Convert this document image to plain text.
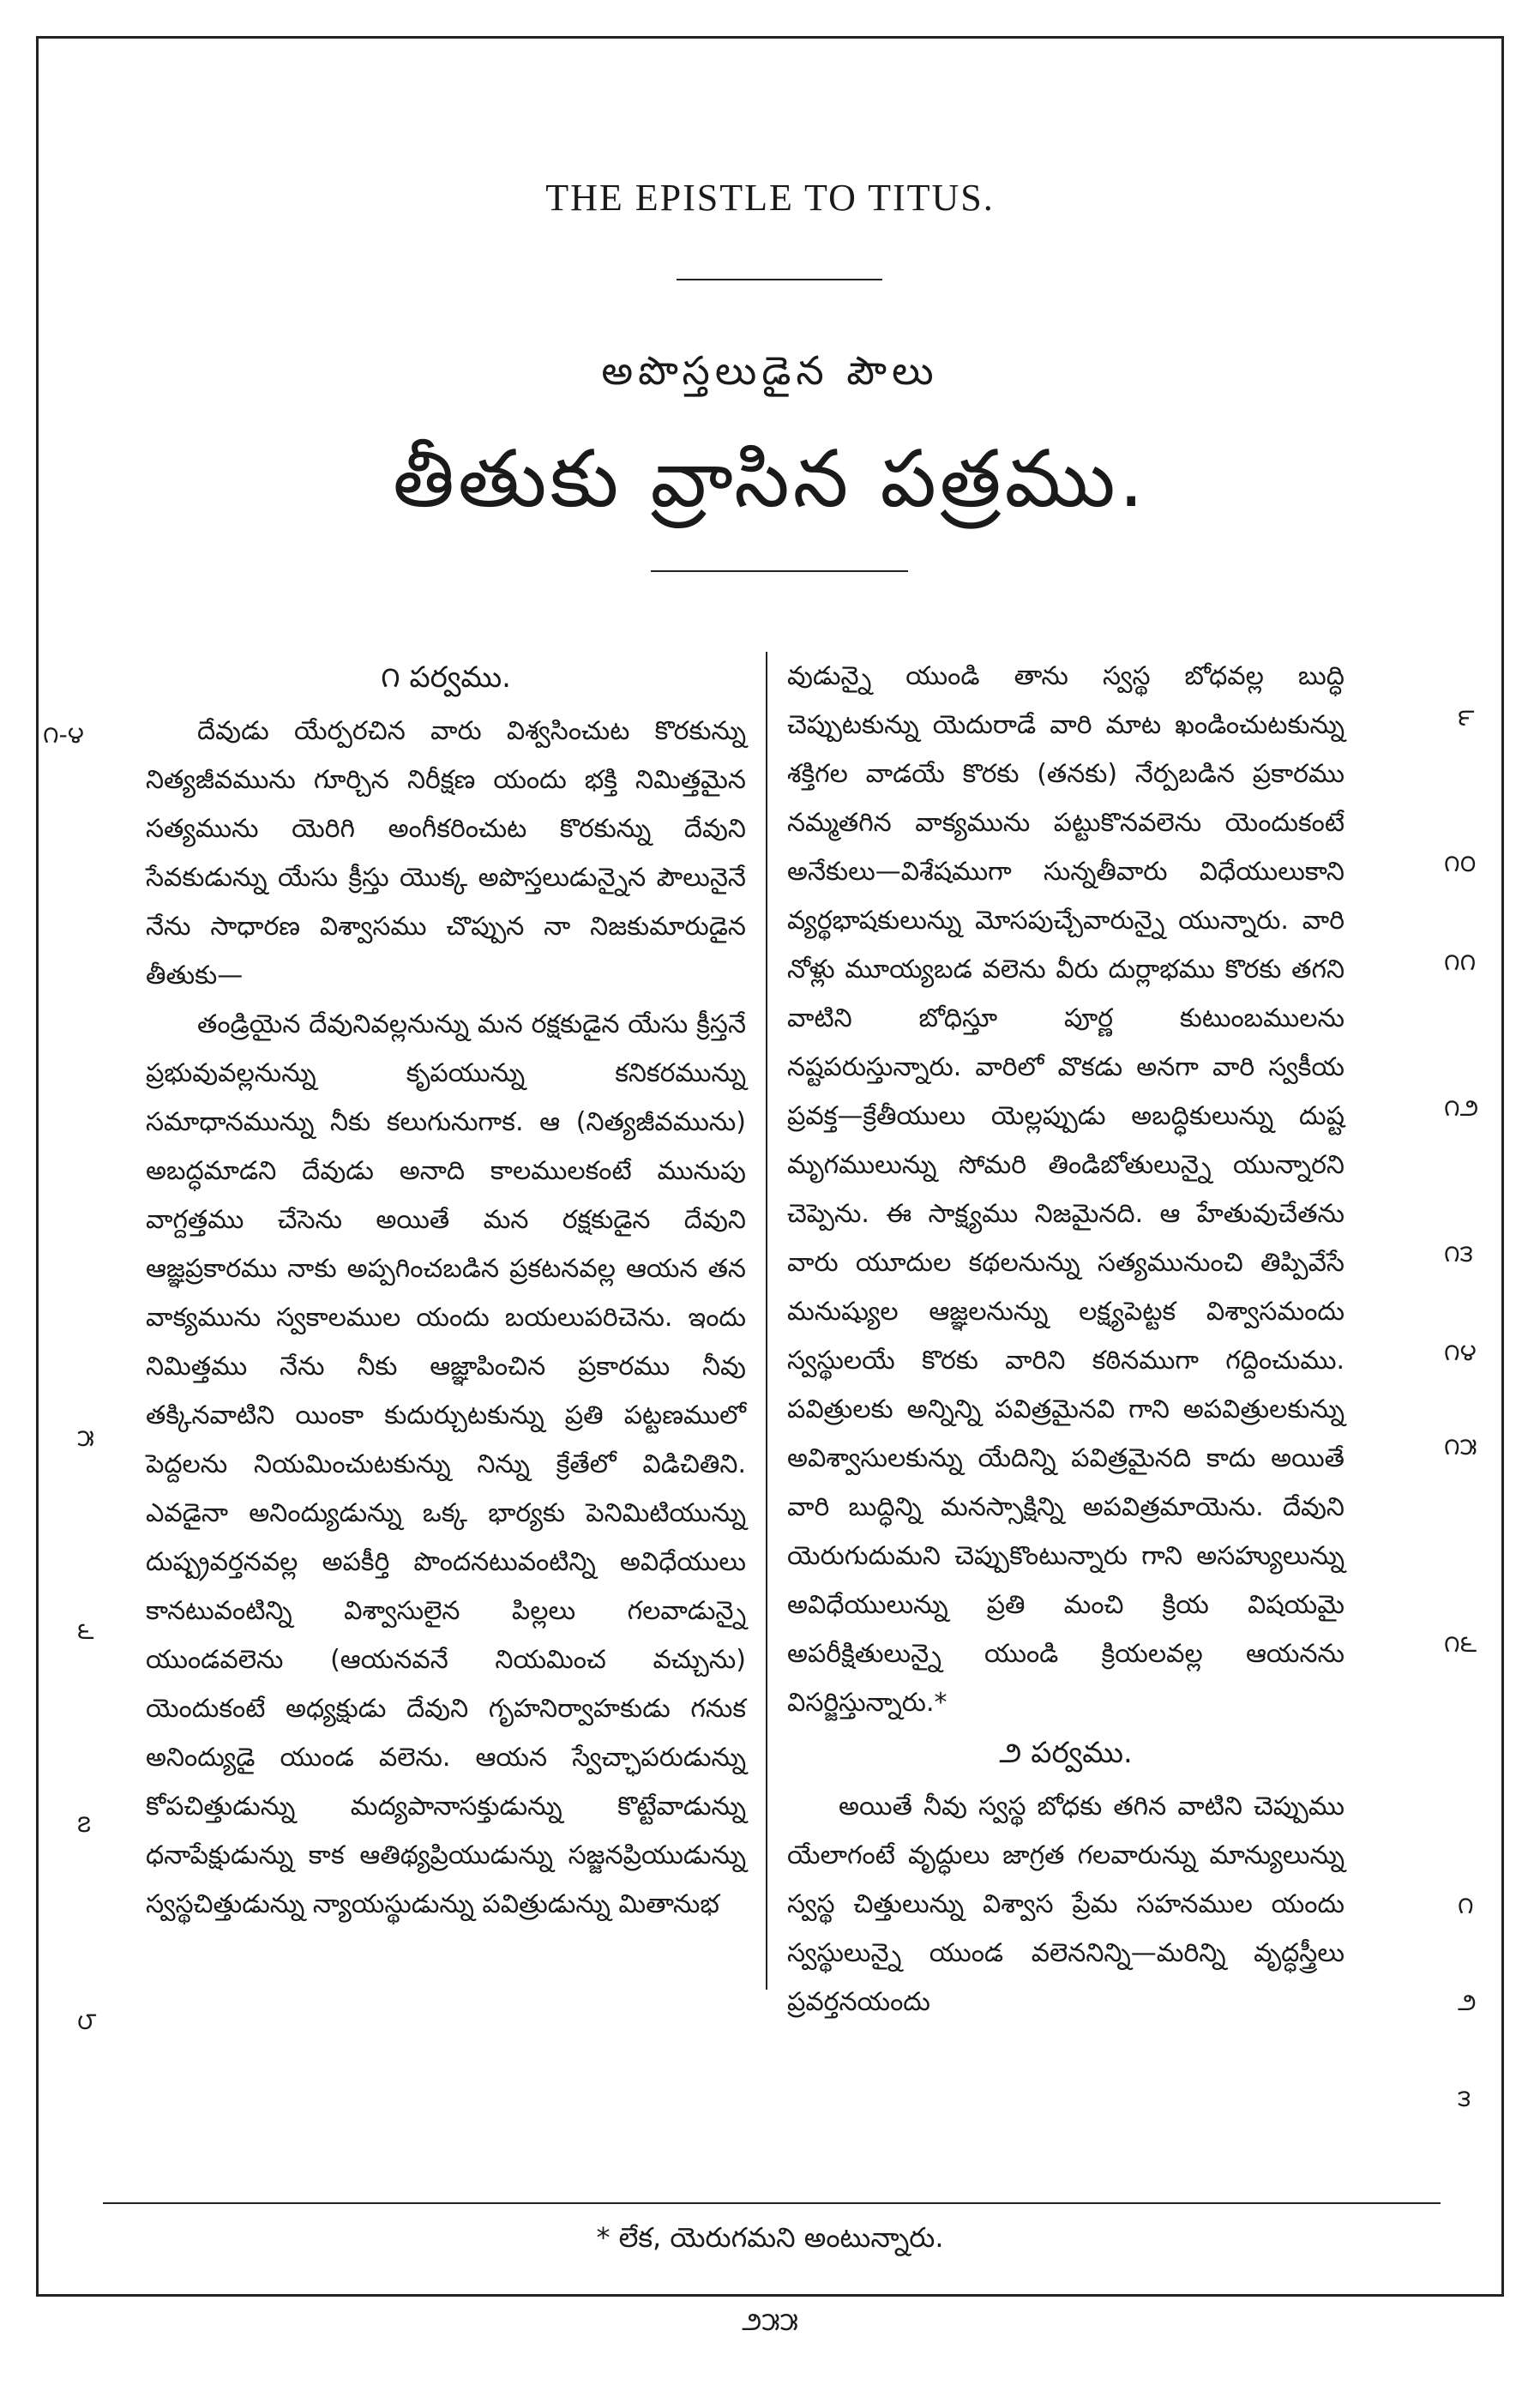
THE EPISTLE TO TITUS.
అపొస్తలుడైన పౌలు
తీతుకు వ్రాసిన పత్రము.
౧ పర్వము.

దేవుడు యేర్పరచిన వారు విశ్వసించుట కొరకున్ను నిత్యజీవమును గూర్చిన నిరీక్షణ యందు భక్తి నిమిత్తమైన సత్యమును యెరిగి అంగీకరించుట కొరకున్ను దేవుని సేవకుడున్ను యేసు క్రీస్తు యొక్క అపొస్తలుడున్నైన పౌలునైనే నేను సాధారణ విశ్వాసము చొప్పున నా నిజకుమారుడైన తీతుకు—

తండ్రియైన దేవునివల్లనున్ను మన రక్షకుడైన యేసు క్రీస్తనే ప్రభువువల్లనున్ను కృపయున్ను కనికరమున్ను సమాధానమున్ను నీకు కలుగునుగాక. ఆ (నిత్యజీవమును) అబద్ధమాడని దేవుడు అనాది కాలములకంటే మునుపు వాగ్దత్తము చేసెను అయితే మన రక్షకుడైన దేవుని ఆజ్ఞప్రకారము నాకు అప్పగించబడిన ప్రకటనవల్ల ఆయన తన వాక్యమును స్వకాలముల యందు బయలుపరిచెను. ఇందు నిమిత్తము నేను నీకు ఆజ్ఞాపించిన ప్రకారము నీవు తక్కినవాటిని యింకా కుదుర్చుటకున్ను ప్రతి పట్టణములో పెద్దలను నియమించుటకున్ను నిన్ను క్రేతేలో విడిచితిని. ఎవడైనా అనింద్యుడున్ను ఒక్క భార్యకు పెనిమిటియున్ను దుష్ప్రవర్తనవల్ల అపకీర్తి పొందనటువంటిన్ని అవిధేయులు కానటువంటిన్ని విశ్వాసులైన పిల్లలు గలవాడున్నై యుండవలెను (ఆయనవనే నియమించ వచ్చును) యెందుకంటే అధ్యక్షుడు దేవుని గృహనిర్వాహకుడు గనుక అనింద్యుడై యుండ వలెను. ఆయన స్వేచ్ఛాపరుడున్ను కోపచిత్తుడున్ను మద్యపానాసక్తుడున్ను కొట్టేవాడున్ను ధనాపేక్షుడున్ను కాక ఆతిథ్యప్రియుడున్ను సజ్జనప్రియుడున్ను స్వస్థచిత్తుడున్ను న్యాయస్థుడున్ను పవిత్రుడున్ను మితానుభ

వుడున్నై యుండి తాను స్వస్థ బోధవల్ల బుద్ధి చెప్పుటకున్ను యెదురాడే వారి మాట ఖండించుటకున్ను శక్తిగల వాడయే కొరకు (తనకు) నేర్పబడిన ప్రకారము నమ్మతగిన వాక్యమును పట్టుకొనవలెను యెందుకంటే అనేకులు—విశేషముగా సున్నతీవారు విధేయులుకాని వ్యర్థభాషకులున్ను మోసపుచ్చేవారున్నై యున్నారు. వారి నోళ్లు మూయ్యబడ వలెను వీరు దుర్లాభము కొరకు తగని వాటిని బోధిస్తూ పూర్ణ కుటుంబములను నష్టపరుస్తున్నారు. వారిలో వొకడు అనగా వారి స్వకీయ ప్రవక్త—క్రేతీయులు యెల్లప్పుడు అబద్ధికులున్ను దుష్ట మృగములున్ను సోమరి తిండిబోతులున్నై యున్నారని చెప్పెను. ఈ సాక్ష్యము నిజమైనది. ఆ హేతువుచేతను వారు యూదుల కథలనున్ను సత్యమునుంచి తిప్పివేసే మనుష్యుల ఆజ్ఞలనున్ను లక్ష్యపెట్టక విశ్వాసమందు స్వస్థులయే కొరకు వారిని కఠినముగా గద్దించుము. పవిత్రులకు అన్నిన్ని పవిత్రమైనవి గాని అపవిత్రులకున్ను అవిశ్వాసులకున్ను యేదిన్ని పవిత్రమైనది కాదు అయితే వారి బుద్ధిన్ని మనస్సాక్షిన్ని అపవిత్రమాయెను. దేవుని యెరుగుదుమని చెప్పుకొంటున్నారు గాని అసహ్యులున్ను అవిధేయులున్ను ప్రతి మంచి క్రియ విషయమై అపరీక్షితులున్నై యుండి క్రియలవల్ల ఆయనను విసర్జిస్తున్నారు.*

౨ పర్వము.

అయితే నీవు స్వస్థ బోధకు తగిన వాటిని చెప్పుము యేలాగంటే వృద్ధులు జాగ్రత గలవారున్ను మాన్యులున్ను స్వస్థ చిత్తులున్ను విశ్వాస ప్రేమ సహనముల యందు స్వస్థులున్నై యుండ వలెననిన్ని—మరిన్ని వృద్ధస్త్రీలు ప్రవర్తనయందు

౧-౪
౫
౬
౭
౮
౯
౧౦
౧౧
౧౨
౧౩
౧౪
౧౫
౧౬
౧
౨
౩
* లేక, యెరుగమని అంటున్నారు.
౨౫౫
